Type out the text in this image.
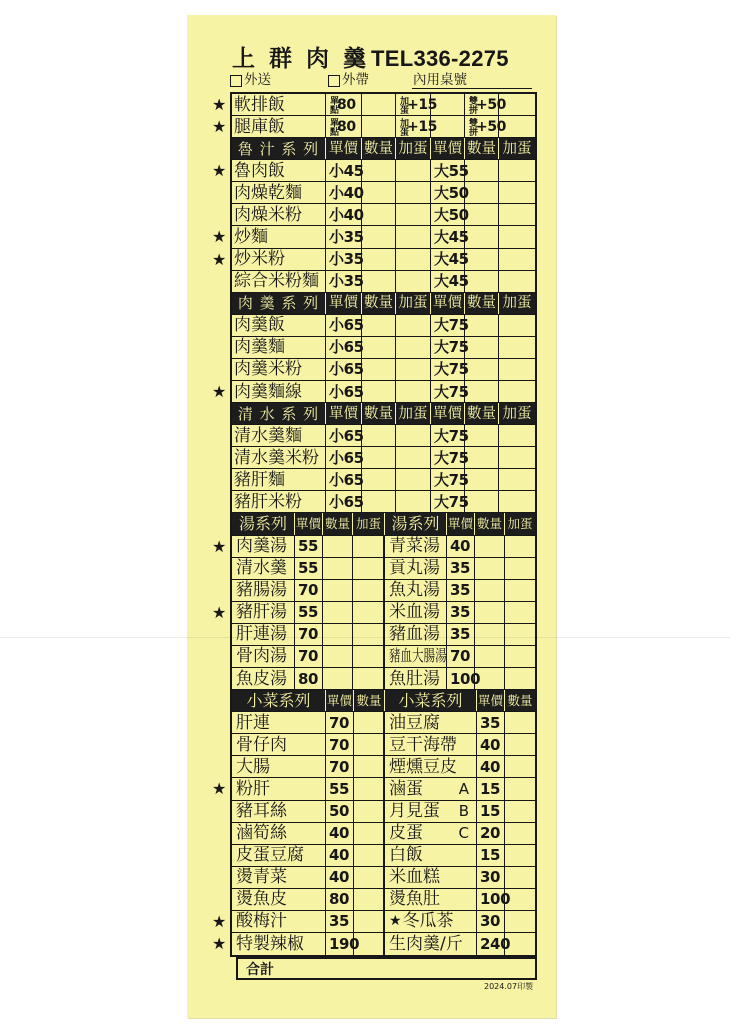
上 群 肉 羹 TEL336-2275
外送	外帶	內用桌號
★ 軟排飯	單點 80	加蛋 +15	雙拼 +50
★ 腿庫飯	單點 80	加蛋 +15	雙拼 +50
魯 汁 系 列 單價 數量 加蛋 單價 數量 加蛋
★ 魯肉飯	小45	大55
肉燥乾麵 小40	大50
肉燥米粉 小40	大50
★ 炒麵	小35	大45
★ 炒米粉	小35	大45
綜合米粉麵 小35	大45
肉 羹 系 列 單價 數量 加蛋 單價 數量 加蛋
肉羹飯	小65	大75
肉羹麵	小65	大75
肉羹米粉 小65	大75
★ 肉羹麵線 小65	大75
清 水 系 列 單價 數量 加蛋 單價 數量 加蛋
清水羹麵 小65	大75
清水羹米粉 小65	大75
豬肝麵	小65	大75
豬肝米粉 小65	大75
湯系列 單價 數量 加蛋 湯系列 單價 數量 加蛋
★ 肉羹湯 55	青菜湯 40
清水羹 55	貢丸湯 35
豬腸湯 70	魚丸湯 35
★ 豬肝湯 55	米血湯 35
肝連湯 70	豬血湯 35
骨肉湯 70	豬血大腸湯 70
魚皮湯 80	魚肚湯 100
小菜系列 單價 數量 小菜系列 單價 數量
肝連	70 油豆腐	35
骨仔肉	70 豆干海帶 40
大腸	70 煙燻豆皮 40
★ 粉肝	55 滷蛋 A 15
豬耳絲	50 月見蛋 B 15
滷筍絲	40 皮蛋 C 20
皮蛋豆腐 40 白飯	15
燙青菜	40 米血糕	30
燙魚皮	80 燙魚肚	100
★ 酸梅汁	35	★ 冬瓜茶 30
★ 特製辣椒 190 生肉羹/斤 240
合計
2024.07印製
